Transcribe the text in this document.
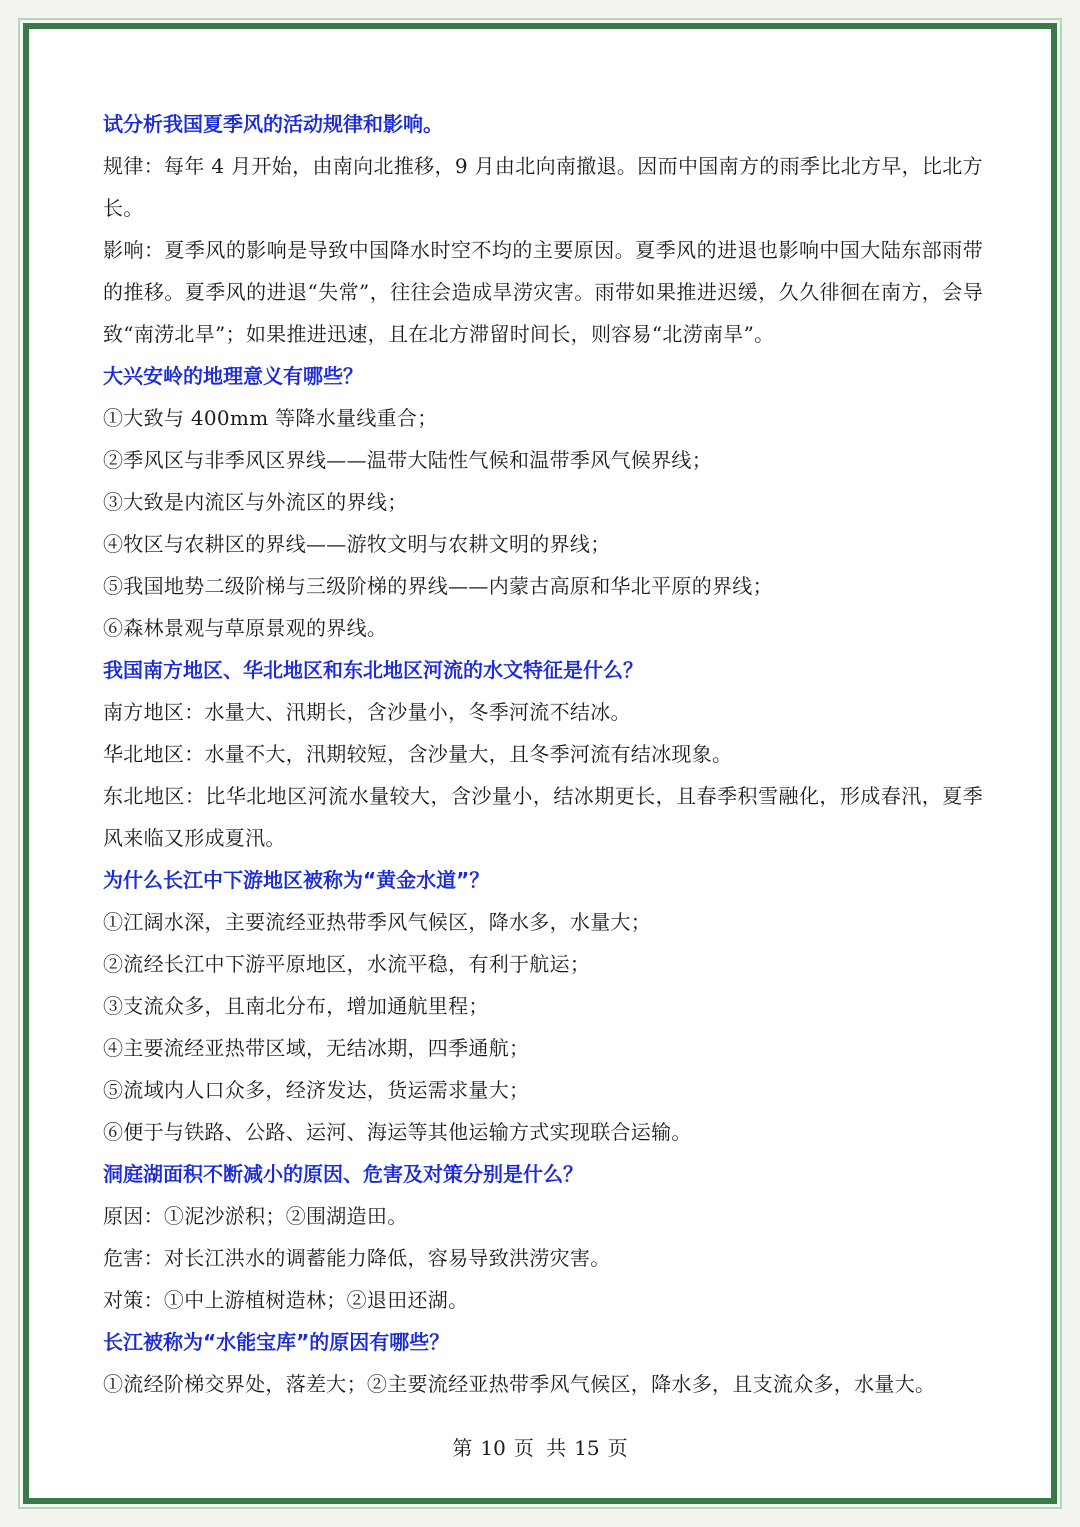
试分析我国夏季风的活动规律和影响。
规律：每年 4 月开始，由南向北推移，9 月由北向南撤退。因而中国南方的雨季比北方早，比北方长。
影响：夏季风的影响是导致中国降水时空不均的主要原因。夏季风的进退也影响中国大陆东部雨带的推移。夏季风的进退“失常”，往往会造成旱涝灾害。雨带如果推进迟缓，久久徘徊在南方，会导致“南涝北旱”；如果推进迅速，且在北方滞留时间长，则容易“北涝南旱”。
大兴安岭的地理意义有哪些？
①大致与 400mm 等降水量线重合；
②季风区与非季风区界线——温带大陆性气候和温带季风气候界线；
③大致是内流区与外流区的界线；
④牧区与农耕区的界线——游牧文明与农耕文明的界线；
⑤我国地势二级阶梯与三级阶梯的界线——内蒙古高原和华北平原的界线；
⑥森林景观与草原景观的界线。
我国南方地区、华北地区和东北地区河流的水文特征是什么？
南方地区：水量大、汛期长，含沙量小，冬季河流不结冰。
华北地区：水量不大，汛期较短，含沙量大，且冬季河流有结冰现象。
东北地区：比华北地区河流水量较大，含沙量小，结冰期更长，且春季积雪融化，形成春汛，夏季风来临又形成夏汛。
为什么长江中下游地区被称为“黄金水道”？
①江阔水深，主要流经亚热带季风气候区，降水多，水量大；
②流经长江中下游平原地区，水流平稳，有利于航运；
③支流众多，且南北分布，增加通航里程；
④主要流经亚热带区域，无结冰期，四季通航；
⑤流域内人口众多，经济发达，货运需求量大；
⑥便于与铁路、公路、运河、海运等其他运输方式实现联合运输。
洞庭湖面积不断减小的原因、危害及对策分别是什么？
原因：①泥沙淤积；②围湖造田。
危害：对长江洪水的调蓄能力降低，容易导致洪涝灾害。
对策：①中上游植树造林；②退田还湖。
长江被称为“水能宝库”的原因有哪些？
①流经阶梯交界处，落差大；②主要流经亚热带季风气候区，降水多，且支流众多，水量大。
第 10 页 共 15 页
